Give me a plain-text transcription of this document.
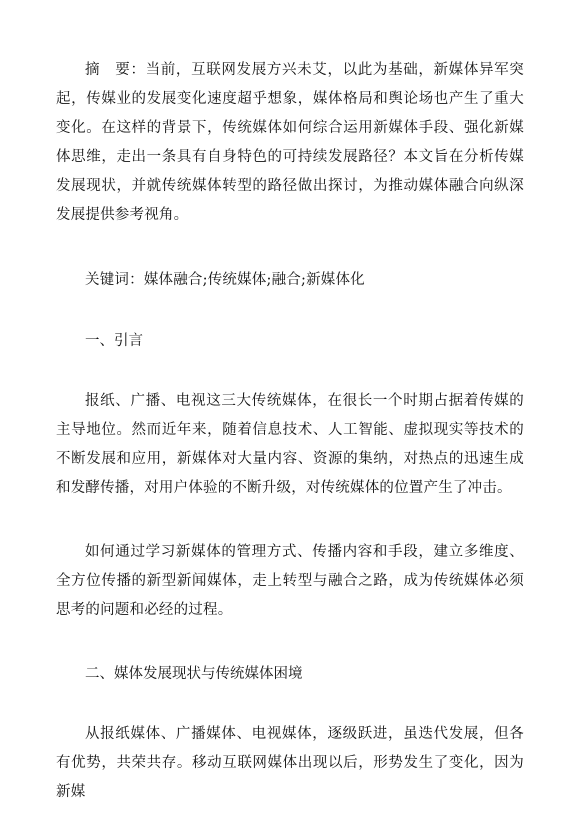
摘　要：当前，互联网发展方兴未艾，以此为基础，新媒体异军突起，传媒业的发展变化速度超乎想象，媒体格局和舆论场也产生了重大变化。在这样的背景下，传统媒体如何综合运用新媒体手段、强化新媒体思维，走出一条具有自身特色的可持续发展路径？本文旨在分析传媒发展现状，并就传统媒体转型的路径做出探讨，为推动媒体融合向纵深发展提供参考视角。

关键词：媒体融合;传统媒体;融合;新媒体化

一、引言

报纸、广播、电视这三大传统媒体，在很长一个时期占据着传媒的主导地位。然而近年来，随着信息技术、人工智能、虚拟现实等技术的不断发展和应用，新媒体对大量内容、资源的集纳，对热点的迅速生成和发酵传播，对用户体验的不断升级，对传统媒体的位置产生了冲击。

如何通过学习新媒体的管理方式、传播内容和手段，建立多维度、全方位传播的新型新闻媒体，走上转型与融合之路，成为传统媒体必须思考的问题和必经的过程。

二、媒体发展现状与传统媒体困境

从报纸媒体、广播媒体、电视媒体，逐级跃进，虽迭代发展，但各有优势，共荣共存。移动互联网媒体出现以后，形势发生了变化，因为新媒
